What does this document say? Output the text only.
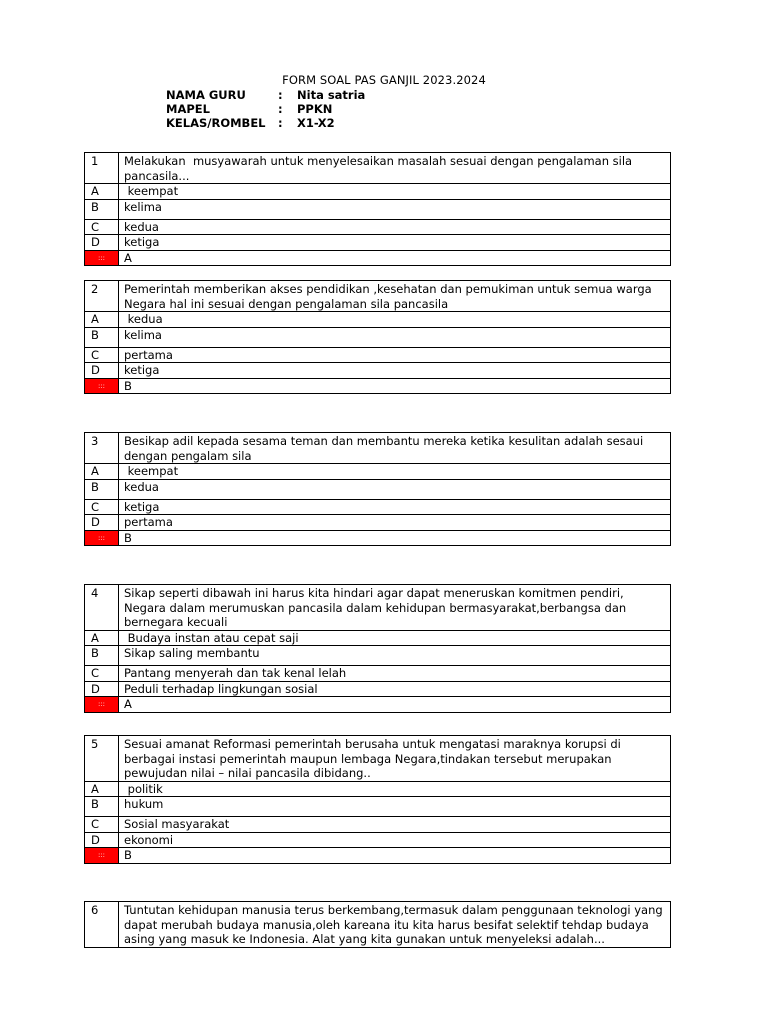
FORM SOAL PAS GANJIL 2023.2024
NAMA GURU	: Nita satria
MAPEL	: PPKN
KELAS/ROMBEL : X1-X2
1	Melakukan  musyawarah untuk menyelesaikan masalah sesuai dengan pengalaman sila pancasila...
A	keempat
B	kelima
C	kedua
D	ketiga
:::	A
2	Pemerintah memberikan akses pendidikan ,kesehatan dan pemukiman untuk semua warga Negara hal ini sesuai dengan pengalaman sila pancasila
A	kedua
B	kelima
C	pertama
D	ketiga
:::	B
3	Besikap adil kepada sesama teman dan membantu mereka ketika kesulitan adalah sesaui dengan pengalam sila
A	keempat
B	kedua
C	ketiga
D	pertama
:::	B
4	Sikap seperti dibawah ini harus kita hindari agar dapat meneruskan komitmen pendiri, Negara dalam merumuskan pancasila dalam kehidupan bermasyarakat,berbangsa dan bernegara kecuali
A	Budaya instan atau cepat saji
B	Sikap saling membantu
C	Pantang menyerah dan tak kenal lelah
D	Peduli terhadap lingkungan sosial
:::	A
5	Sesuai amanat Reformasi pemerintah berusaha untuk mengatasi maraknya korupsi di berbagai instasi pemerintah maupun lembaga Negara,tindakan tersebut merupakan pewujudan nilai – nilai pancasila dibidang..
A	politik
B	hukum
C	Sosial masyarakat
D	ekonomi
:::	B
6	Tuntutan kehidupan manusia terus berkembang,termasuk dalam penggunaan teknologi yang dapat merubah budaya manusia,oleh kareana itu kita harus besifat selektif tehdap budaya asing yang masuk ke Indonesia. Alat yang kita gunakan untuk menyeleksi adalah...
